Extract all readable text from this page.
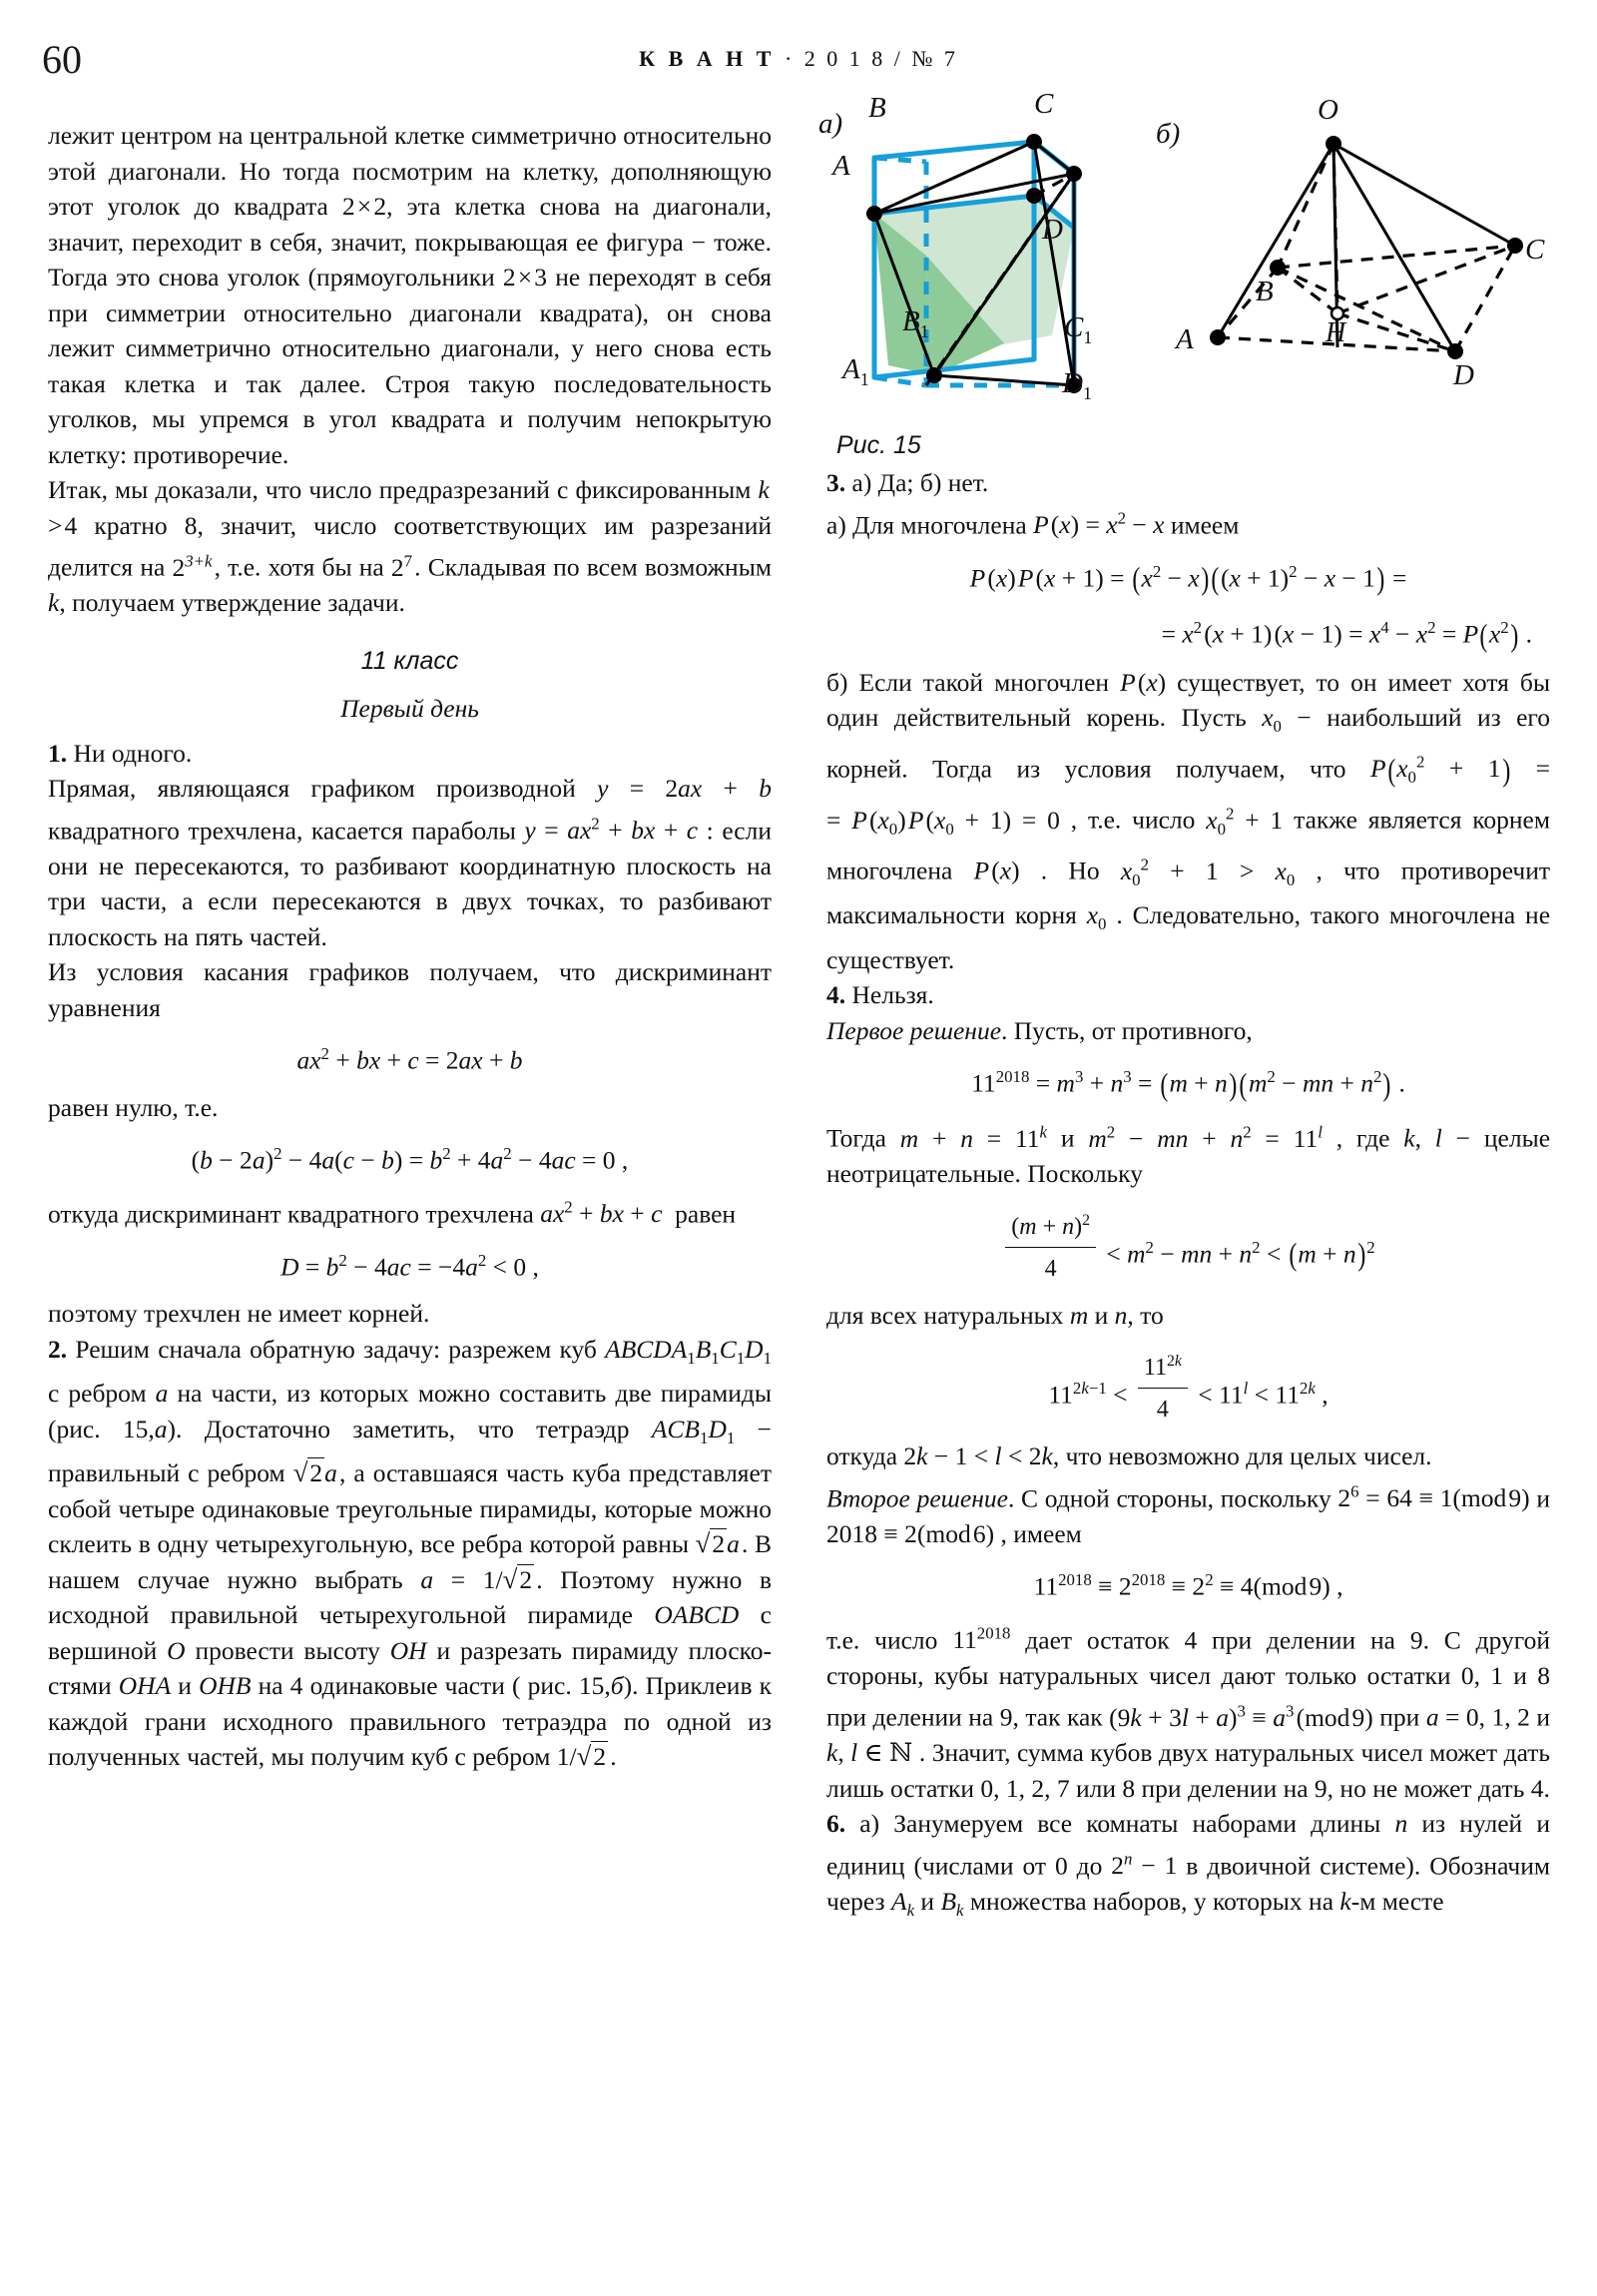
60	К В А Н Т · 2 0 1 8 / № 7
a)	б)
B	C
A
D
$B_1$	$C_1$
$A_1$	$D_1$
O
B
C
A	H
D
Рис. 15

лежит центром на центральной клетке симметрично относительно этой диагонали. Но тогда посмотрим на клетку, дополняющую этот уголок до квадрата 2 × 2, эта клетка снова на диагонали, значит, переходит в себя, значит, покрывающая ее фигура − тоже. Тогда это снова уголок (прямоугольники 2 × 3 не переходят в себя при симметрии относительно диагонали квадрата), он снова лежит симметрично относительно диагонали, у него снова есть такая клетка и так далее. Строя такую последовательность уголков, мы упремся в угол квадрата и получим непокрытую клетку: противоречие.

Итак, мы доказали, что число предразрезаний с фиксированным k > 4 кратно 8, значит, число соответствующих им разрезаний делится на $2^{3+k}$ , т.е. хотя бы на $2^7$ . Складывая по всем возможным k, получаем утверждение задачи.

11 класс
Первый день

1. Ни одного.

Прямая, являющаяся графиком производной y = 2ax + b квадратного трехчлена, касается параболы $y = ax^2$ + bx + c : если они не пересекаются, то разбивают координатную плоскость на три части, а если пересекаются в двух точках, то разбивают плоскость на пять частей.

Из условия касания графиков получаем, что дискриминант уравнения

$ax^2$ + bx + c = 2ax + b

равен нулю, т.е.

$(b - 2a)^2 - 4a(c - b) = b^2 + 4a^2 - 4ac = 0$ ,

откуда дискриминант квадратного трехчлена $ax^2$ + bx + c  равен

$D = b^2 - 4ac = -4a^2 < 0$ ,

поэтому трехчлен не имеет корней.

2. Решим сначала обратную задачу: разрежем куб $ABCDA_1B_1C_1D_1$ с ребром a на части, из которых можно составить две пирамиды (рис. 15,а). Достаточно заметить, что тетраэдр $ACB_1D_1$ − правильный с ребром √2a , а оставшаяся часть куба представляет собой четыре одинаковые треугольные пирамиды, которые можно склеить в одну четырехугольную, все ребра которой равны √2a . В нашем случае нужно выбрать a = 1/√2 . Поэтому нужно в исходной правильной четырехугольной пирамиде OABCD с вершиной O провести высоту OH и разрезать пирамиду плоскостями OHA и OHB на 4 одинаковые части ( рис. 15,б). Приклеив к каждой грани исходного правильного тетраэдра по одной из полученных частей, мы получим куб с ребром 1/√2 .

3. а) Да; б) нет.

а) Для многочлена P $(x) = x^2 - x$ имеем

P (x) P $(x + 1) = (x^2 - x)((x + 1)^2 - x - 1)$ =
= $x^2$ (x + 1) $(x - 1) = x^4 - x^2 = P(x^2)$ .

б) Если такой многочлен P (x) существует, то он имеет хотя бы один действительный корень. Пусть $x_0$ − наибольший из его корней. Тогда из условия получаем, что $P(x_0^2 + 1)$ = = P $(x_0)$ P $(x_0 + 1) = 0$ , т.е. число $x_0^2 + 1$ также является корнем многочлена P (x) . Но $x_0^2 + 1 > x_0$ , что противоречит максимальности корня $x_0$ . Следовательно, такого многочлена не существует.

4. Нельзя.

Первое решение. Пусть, от противного,

$11^{2018} = m^3 + n^3 = (m + n)(m^2$ − mn + $n^2$) .

Тогда $m + n = 11^k$ и $m^2$ − mn + $n^2 = 11^l$ , где k, l − целые неотрицательные. Поскольку

$\frac{(m + n)^2}{4} < m^2$ − mn + $n^2 < (m + n)^2$

для всех натуральных m и n, то

$11^{2k-1} < \frac{11^{2k}}{4} < 11^l < 11^{2k}$ ,

откуда 2k − 1 < l < 2k, что невозможно для целых чисел.

Второе решение. С одной стороны, поскольку $2^6 = 64 \equiv 1(mod$ 9) и 2018 ≡ 2(mod 6) , имеем

$11^{2018} \equiv 2^{2018} \equiv 2^2 \equiv 4(mod$ 9) ,

т.е. число $11^{2018}$ дает остаток 4 при делении на 9. С другой стороны, кубы натуральных чисел дают только остатки 0, 1 и 8 при делении на 9, так как $(9k + 3l + a)^3 \equiv a^3$ (mod 9) при a = 0, 1, 2 и k, l ∈ ℕ . Значит, сумма кубов двух натуральных чисел может дать лишь остатки 0, 1, 2, 7 или 8 при делении на 9, но не может дать 4.

6. а) Занумеруем все комнаты наборами длины n из нулей и единиц (числами от 0 до $2^n - 1$ в двоичной системе). Обозначим через $A_k$ и $B_k$ множества наборов, у которых на k-м месте
